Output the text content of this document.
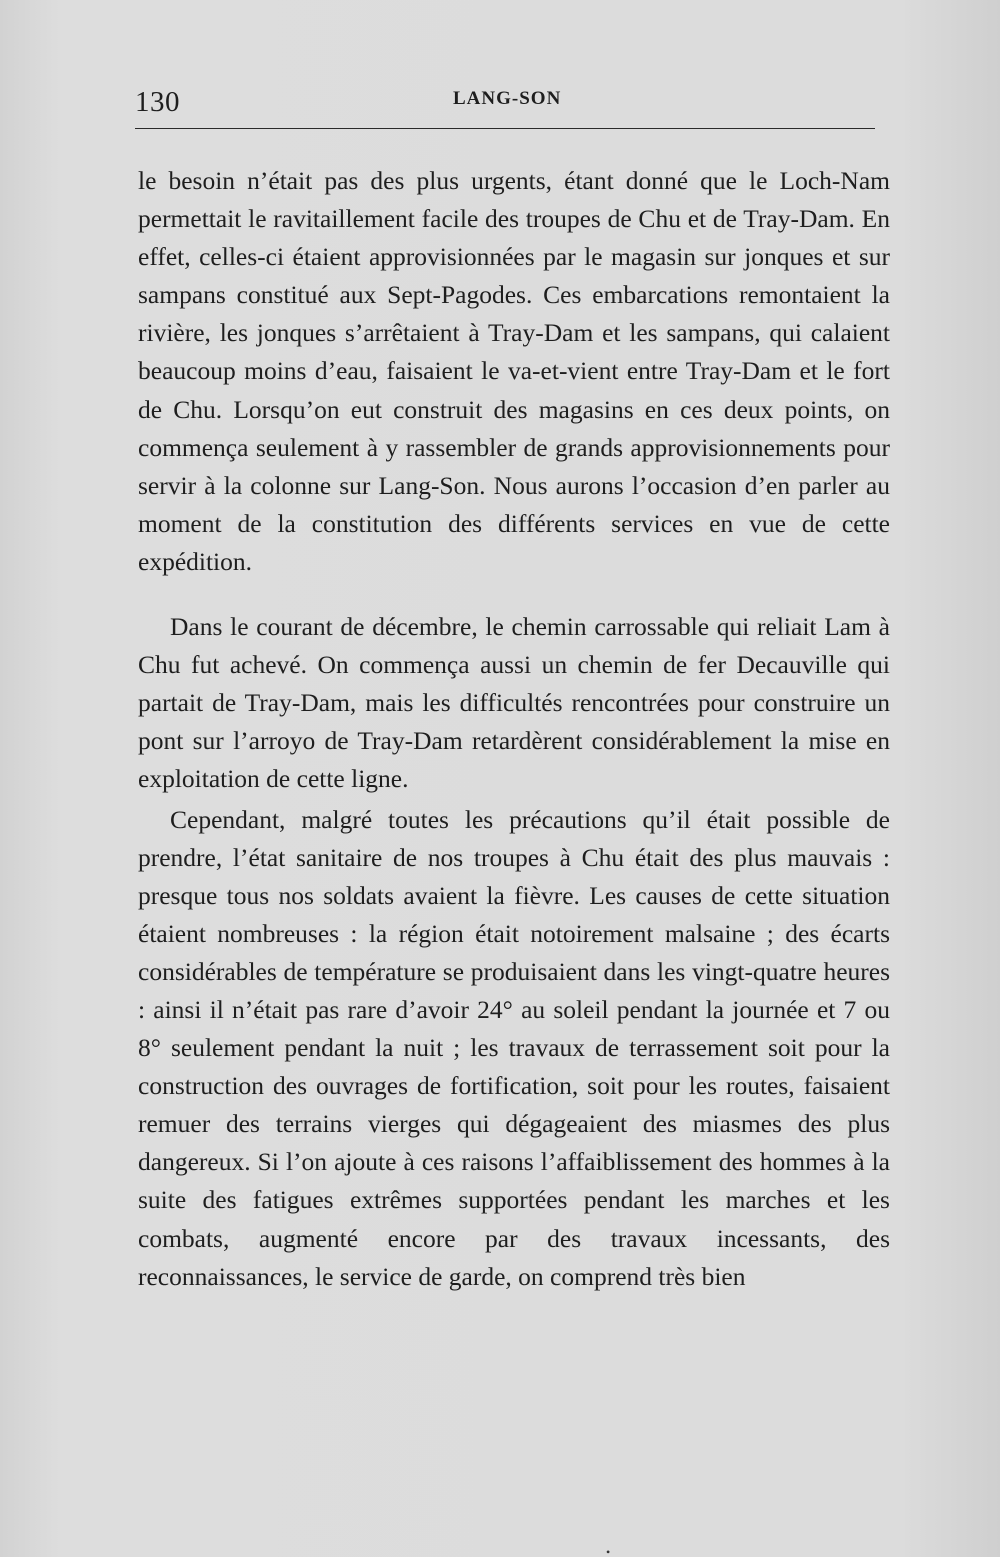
130	LANG-SON

le besoin n’était pas des plus urgents, étant donné que le Loch-Nam permettait le ravitaillement facile des troupes de Chu et de Tray-Dam. En effet, celles-ci étaient approvisionnées par le magasin sur jonques et sur sampans constitué aux Sept-Pagodes. Ces embarcations remontaient la rivière, les jonques s’arrêtaient à Tray-Dam et les sampans, qui calaient beaucoup moins d’eau, faisaient le va-et-vient entre Tray-Dam et le fort de Chu. Lorsqu’on eut construit des magasins en ces deux points, on commença seulement à y rassembler de grands approvisionnements pour servir à la colonne sur Lang-Son. Nous aurons l’occasion d’en parler au moment de la constitution des différents services en vue de cette expédition.

Dans le courant de décembre, le chemin carrossable qui reliait Lam à Chu fut achevé. On commença aussi un chemin de fer Decauville qui partait de Tray-Dam, mais les difficultés rencontrées pour construire un pont sur l’arroyo de Tray-Dam retardèrent considérablement la mise en exploitation de cette ligne.

Cependant, malgré toutes les précautions qu’il était possible de prendre, l’état sanitaire de nos troupes à Chu était des plus mauvais : presque tous nos soldats avaient la fièvre. Les causes de cette situation étaient nombreuses : la région était notoirement malsaine ; des écarts considérables de température se produisaient dans les vingt-quatre heures : ainsi il n’était pas rare d’avoir 24° au soleil pendant la journée et 7 ou 8° seulement pendant la nuit ; les travaux de terrassement soit pour la construction des ouvrages de fortification, soit pour les routes, faisaient remuer des terrains vierges qui dégageaient des miasmes des plus dangereux. Si l’on ajoute à ces raisons l’affaiblissement des hommes à la suite des fatigues extrêmes supportées pendant les marches et les combats, augmenté encore par des travaux incessants, des reconnaissances, le service de garde, on comprend très bien

•
